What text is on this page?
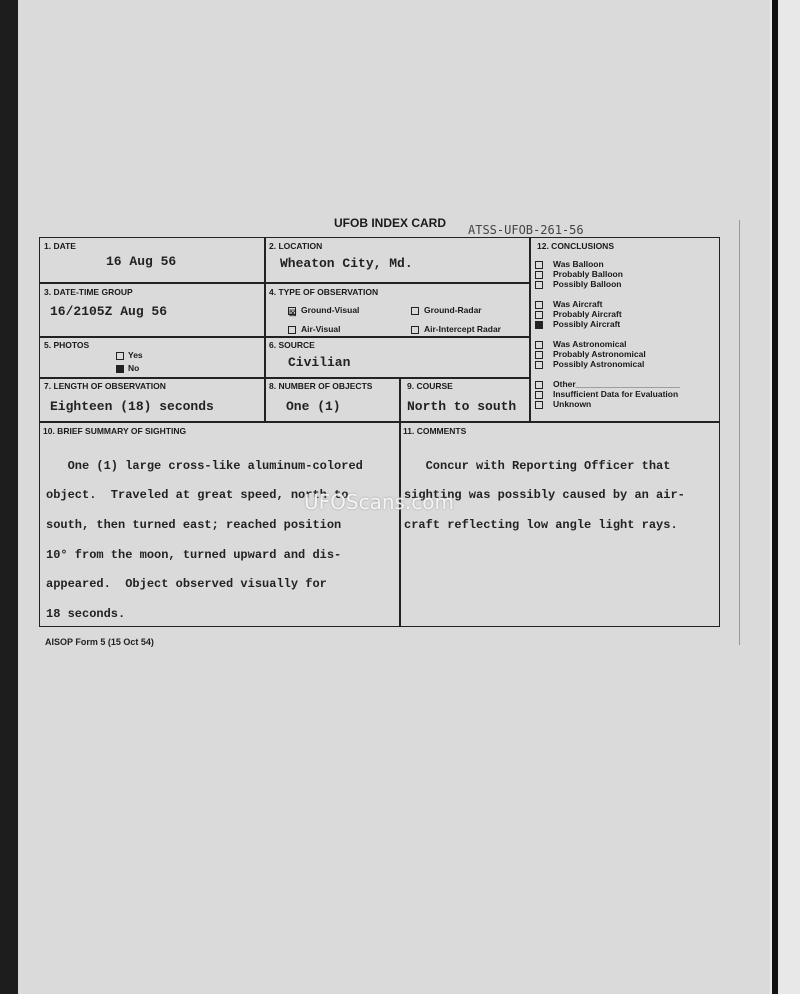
UFOB INDEX CARD ATSS-UFOB-261-56
1. DATE
16 Aug 56
2. LOCATION
Wheaton City, Md.
3. DATE-TIME GROUP
16/2105Z Aug 56
4. TYPE OF OBSERVATION
☒ Ground-Visual	Ground-Radar
Air-Visual	Air-Intercept Radar
5. PHOTOS
Yes
No
6. SOURCE
Civilian
7. LENGTH OF OBSERVATION
Eighteen (18) seconds
8. NUMBER OF OBJECTS
One (1)
9. COURSE
North to south
12. CONCLUSIONS
Was Balloon
Probably Balloon
Possibly Balloon
Was Aircraft
Probably Aircraft
Possibly Aircraft
Was Astronomical
Probably Astronomical
Possibly Astronomical
Other______________________
Insufficient Data for Evaluation
Unknown
10. BRIEF SUMMARY OF SIGHTING

One (1) large cross-like aluminum-colored

object.  Traveled at great speed, north to

south, then turned east; reached position

10° from the moon, turned upward and dis-

appeared.  Object observed visually for

18 seconds.

11. COMMENTS

Concur with Reporting Officer that

sighting was possibly caused by an air-

craft reflecting low angle light rays.

UFOScans.com
AISOP Form 5 (15 Oct 54)
